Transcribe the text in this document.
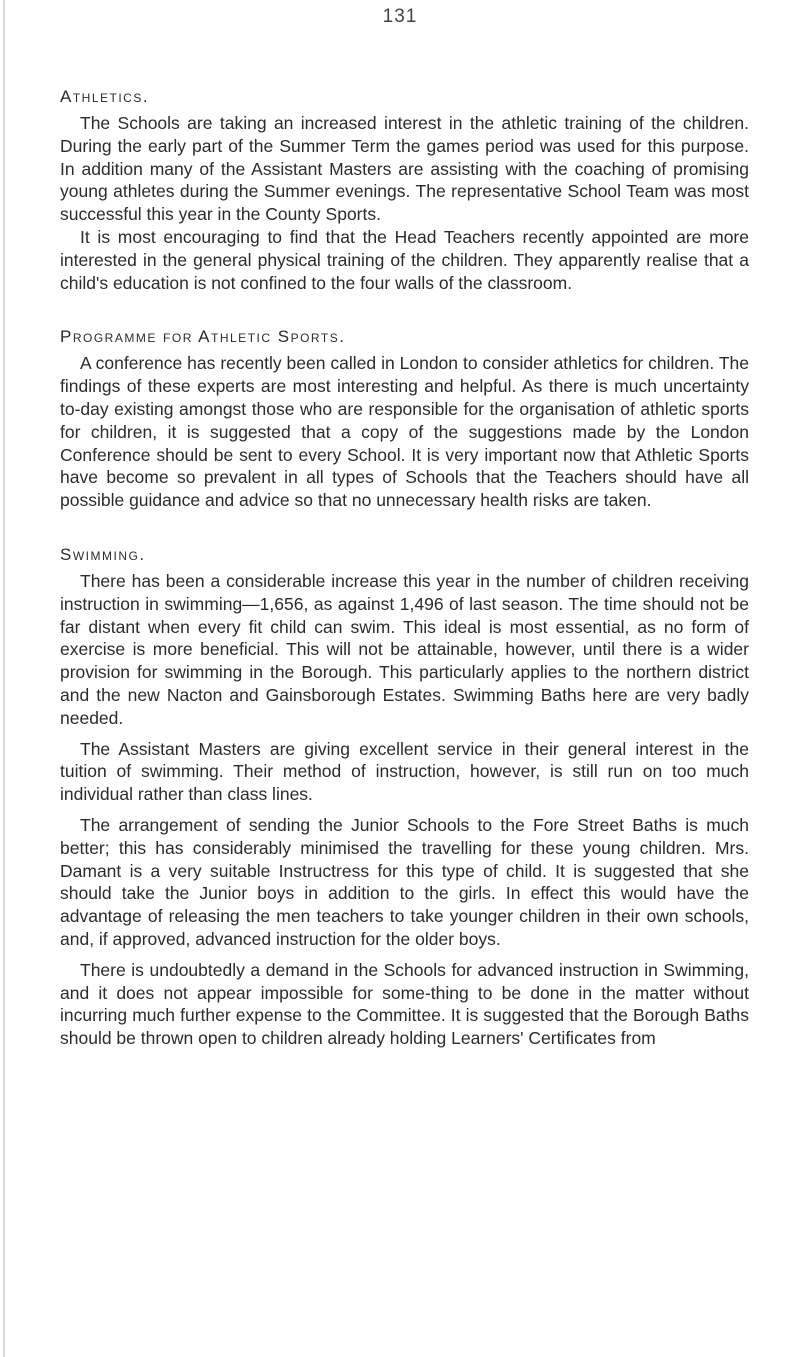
131
Athletics.

The Schools are taking an increased interest in the athletic training of the children. During the early part of the Summer Term the games period was used for this purpose. In addition many of the Assistant Masters are assisting with the coaching of promising young athletes during the Summer evenings. The representative School Team was most successful this year in the County Sports.

It is most encouraging to find that the Head Teachers recently appointed are more interested in the general physical training of the children. They apparently realise that a child's education is not confined to the four walls of the classroom.

Programme for Athletic Sports.

A conference has recently been called in London to consider athletics for children. The findings of these experts are most interesting and helpful. As there is much uncertainty to-day existing amongst those who are responsible for the organisation of athletic sports for children, it is suggested that a copy of the suggestions made by the London Conference should be sent to every School. It is very important now that Athletic Sports have become so prevalent in all types of Schools that the Teachers should have all possible guidance and advice so that no unnecessary health risks are taken.

Swimming.

There has been a considerable increase this year in the number of children receiving instruction in swimming—1,656, as against 1,496 of last season. The time should not be far distant when every fit child can swim. This ideal is most essential, as no form of exercise is more beneficial. This will not be attainable, however, until there is a wider provision for swimming in the Borough. This particularly applies to the northern district and the new Nacton and Gainsborough Estates. Swimming Baths here are very badly needed.

The Assistant Masters are giving excellent service in their general interest in the tuition of swimming. Their method of instruction, however, is still run on too much individual rather than class lines.

The arrangement of sending the Junior Schools to the Fore Street Baths is much better; this has considerably minimised the travelling for these young children. Mrs. Damant is a very suitable Instructress for this type of child. It is suggested that she should take the Junior boys in addition to the girls. In effect this would have the advantage of releasing the men teachers to take younger children in their own schools, and, if approved, advanced instruction for the older boys.

There is undoubtedly a demand in the Schools for advanced instruction in Swimming, and it does not appear impossible for some-thing to be done in the matter without incurring much further expense to the Committee. It is suggested that the Borough Baths should be thrown open to children already holding Learners' Certificates from
